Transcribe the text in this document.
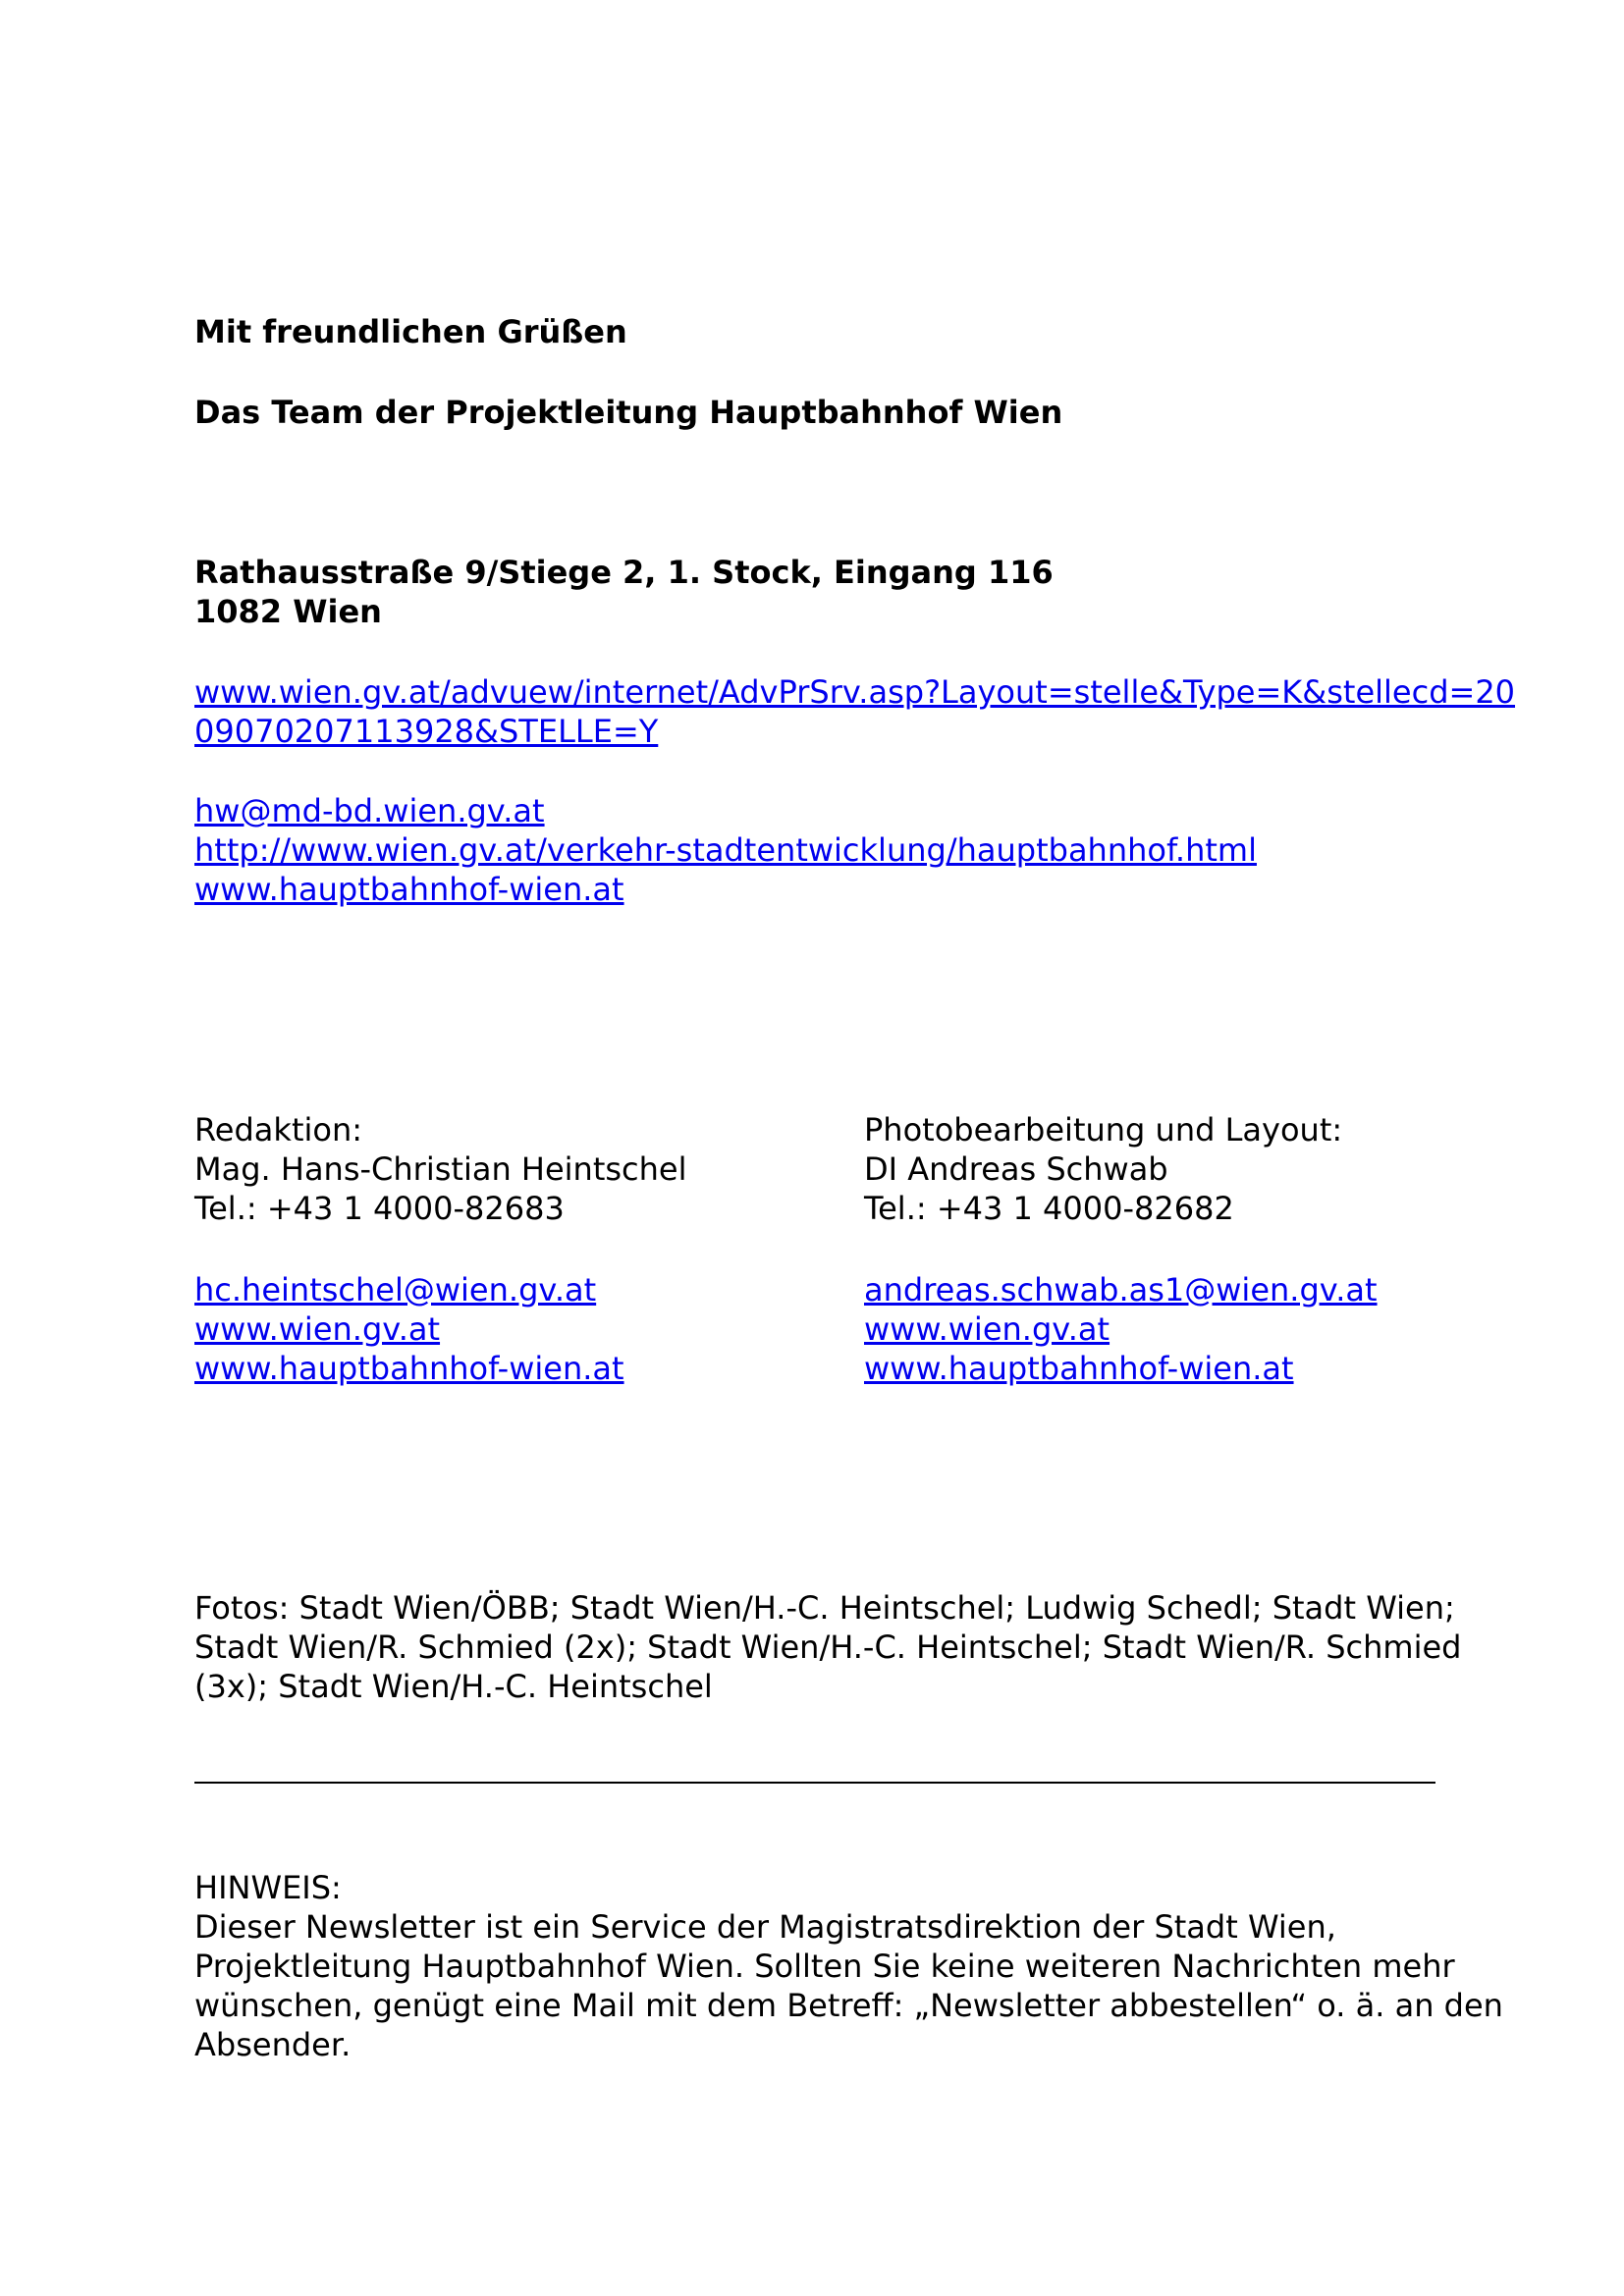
Mit freundlichen Grüßen
Das Team der Projektleitung Hauptbahnhof Wien
Rathausstraße 9/Stiege 2, 1. Stock, Eingang 116
1082 Wien
www.wien.gv.at/advuew/internet/AdvPrSrv.asp?Layout=stelle&Type=K&stellecd=20
09070207113928&STELLE=Y
hw@md-bd.wien.gv.at
http://www.wien.gv.at/verkehr-stadtentwicklung/hauptbahnhof.html
www.hauptbahnhof-wien.at
Redaktion:
Mag. Hans-Christian Heintschel
Tel.: +43 1 4000-82683
hc.heintschel@wien.gv.at
www.wien.gv.at
www.hauptbahnhof-wien.at
Photobearbeitung und Layout:
DI Andreas Schwab
Tel.: +43 1 4000-82682
andreas.schwab.as1@wien.gv.at
www.wien.gv.at
www.hauptbahnhof-wien.at
Fotos: Stadt Wien/ÖBB; Stadt Wien/H.-C. Heintschel; Ludwig Schedl; Stadt Wien;
Stadt Wien/R. Schmied (2x); Stadt Wien/H.-C. Heintschel; Stadt Wien/R. Schmied
(3x); Stadt Wien/H.-C. Heintschel
HINWEIS:
Dieser Newsletter ist ein Service der Magistratsdirektion der Stadt Wien,
Projektleitung Hauptbahnhof Wien. Sollten Sie keine weiteren Nachrichten mehr
wünschen, genügt eine Mail mit dem Betreff: „Newsletter abbestellen“ o. ä. an den
Absender.
